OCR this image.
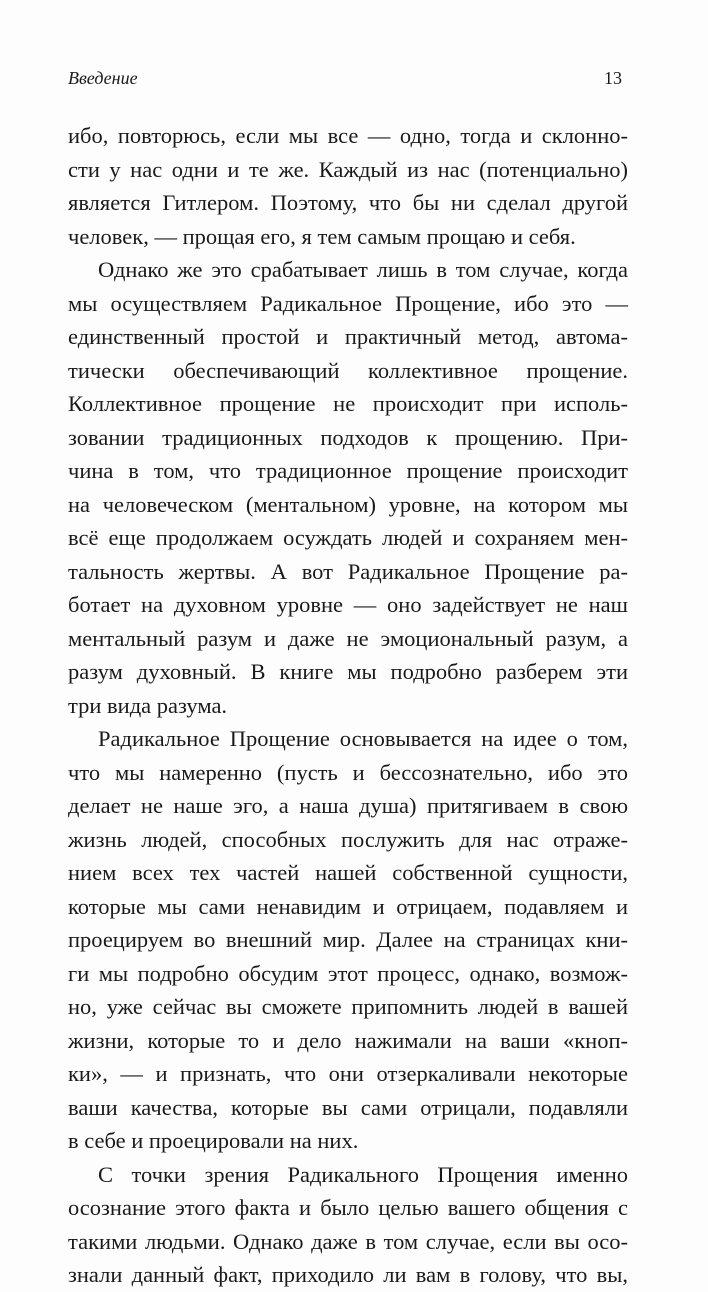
Введение	13
ибо, повторюсь, если мы все — одно, тогда и склонно-
сти у нас одни и те же. Каждый из нас (потенциально)
является Гитлером. Поэтому, что бы ни сделал другой
человек, — прощая его, я тем самым прощаю и себя.
Однако же это срабатывает лишь в том случае, когда
мы осуществляем Радикальное Прощение, ибо это —
единственный простой и практичный метод, автома-
тически обеспечивающий коллективное прощение.
Коллективное прощение не происходит при исполь-
зовании традиционных подходов к прощению. При-
чина в том, что традиционное прощение происходит
на человеческом (ментальном) уровне, на котором мы
всё еще продолжаем осуждать людей и сохраняем мен-
тальность жертвы. А вот Радикальное Прощение ра-
ботает на духовном уровне — оно задействует не наш
ментальный разум и даже не эмоциональный разум, а
разум духовный. В книге мы подробно разберем эти
три вида разума.
Радикальное Прощение основывается на идее о том,
что мы намеренно (пусть и бессознательно, ибо это
делает не наше эго, а наша душа) притягиваем в свою
жизнь людей, способных послужить для нас отраже-
нием всех тех частей нашей собственной сущности,
которые мы сами ненавидим и отрицаем, подавляем и
проецируем во внешний мир. Далее на страницах кни-
ги мы подробно обсудим этот процесс, однако, возмож-
но, уже сейчас вы сможете припомнить людей в вашей
жизни, которые то и дело нажимали на ваши «кноп-
ки», — и признать, что они отзеркаливали некоторые
ваши качества, которые вы сами отрицали, подавляли
в себе и проецировали на них.
С точки зрения Радикального Прощения именно
осознание этого факта и было целью вашего общения с
такими людьми. Однако даже в том случае, если вы осо-
знали данный факт, приходило ли вам в голову, что вы,
